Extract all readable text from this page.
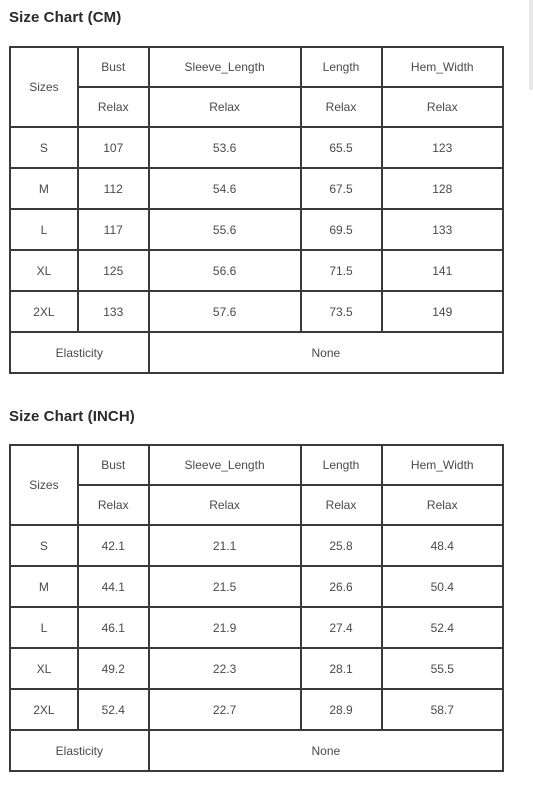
Size Chart (CM)
Sizes	Bust	Sleeve_Length	Length	Hem_Width
	Relax	Relax	Relax	Relax
S	107	53.6	65.5	123
M	112	54.6	67.5	128
L	117	55.6	69.5	133
XL	125	56.6	71.5	141
2XL	133	57.6	73.5	149
Elasticity		None		
Size Chart (INCH)
Sizes	Bust	Sleeve_Length	Length	Hem_Width
	Relax	Relax	Relax	Relax
S	42.1	21.1	25.8	48.4
M	44.1	21.5	26.6	50.4
L	46.1	21.9	27.4	52.4
XL	49.2	22.3	28.1	55.5
2XL	52.4	22.7	28.9	58.7
Elasticity		None		
